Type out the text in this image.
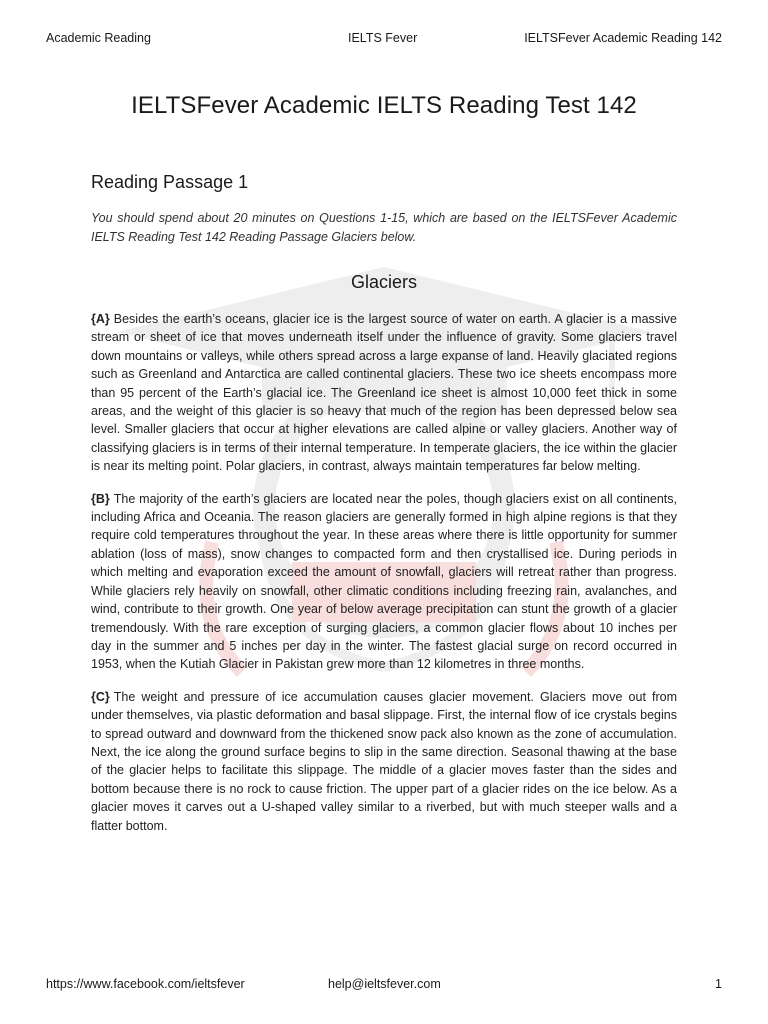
Academic Reading	IELTS Fever	IELTSFever Academic Reading 142
IELTSFever Academic IELTS Reading Test 142
Reading Passage 1
You should spend about 20 minutes on Questions 1-15, which are based on the IELTSFever Academic IELTS Reading Test 142 Reading Passage Glaciers below.
Glaciers

{A} Besides the earth’s oceans, glacier ice is the largest source of water on earth. A glacier is a massive stream or sheet of ice that moves underneath itself under the influence of gravity. Some glaciers travel down mountains or valleys, while others spread across a large expanse of land. Heavily glaciated regions such as Greenland and Antarctica are called continental glaciers. These two ice sheets encompass more than 95 percent of the Earth’s glacial ice. The Greenland ice sheet is almost 10,000 feet thick in some areas, and the weight of this glacier is so heavy that much of the region has been depressed below sea level. Smaller glaciers that occur at higher elevations are called alpine or valley glaciers. Another way of classifying glaciers is in terms of their internal temperature. In temperate glaciers, the ice within the glacier is near its melting point. Polar glaciers, in contrast, always maintain temperatures far below melting.

{B} The majority of the earth’s glaciers are located near the poles, though glaciers exist on all continents, including Africa and Oceania. The reason glaciers are generally formed in high alpine regions is that they require cold temperatures throughout the year. In these areas where there is little opportunity for summer ablation (loss of mass), snow changes to compacted form and then crystallised ice. During periods in which melting and evaporation exceed the amount of snowfall, glaciers will retreat rather than progress. While glaciers rely heavily on snowfall, other climatic conditions including freezing rain, avalanches, and wind, contribute to their growth. One year of below average precipitation can stunt the growth of a glacier tremendously. With the rare exception of surging glaciers, a common glacier flows about 10 inches per day in the summer and 5 inches per day in the winter. The fastest glacial surge on record occurred in 1953, when the Kutiah Glacier in Pakistan grew more than 12 kilometres in three months.

{C} The weight and pressure of ice accumulation causes glacier movement. Glaciers move out from under themselves, via plastic deformation and basal slippage. First, the internal flow of ice crystals begins to spread outward and downward from the thickened snow pack also known as the zone of accumulation. Next, the ice along the ground surface begins to slip in the same direction. Seasonal thawing at the base of the glacier helps to facilitate this slippage. The middle of a glacier moves faster than the sides and bottom because there is no rock to cause friction. The upper part of a glacier rides on the ice below. As a glacier moves it carves out a U-shaped valley similar to a riverbed, but with much steeper walls and a flatter bottom.

https://www.facebook.com/ieltsfever	help@ieltsfever.com	1
